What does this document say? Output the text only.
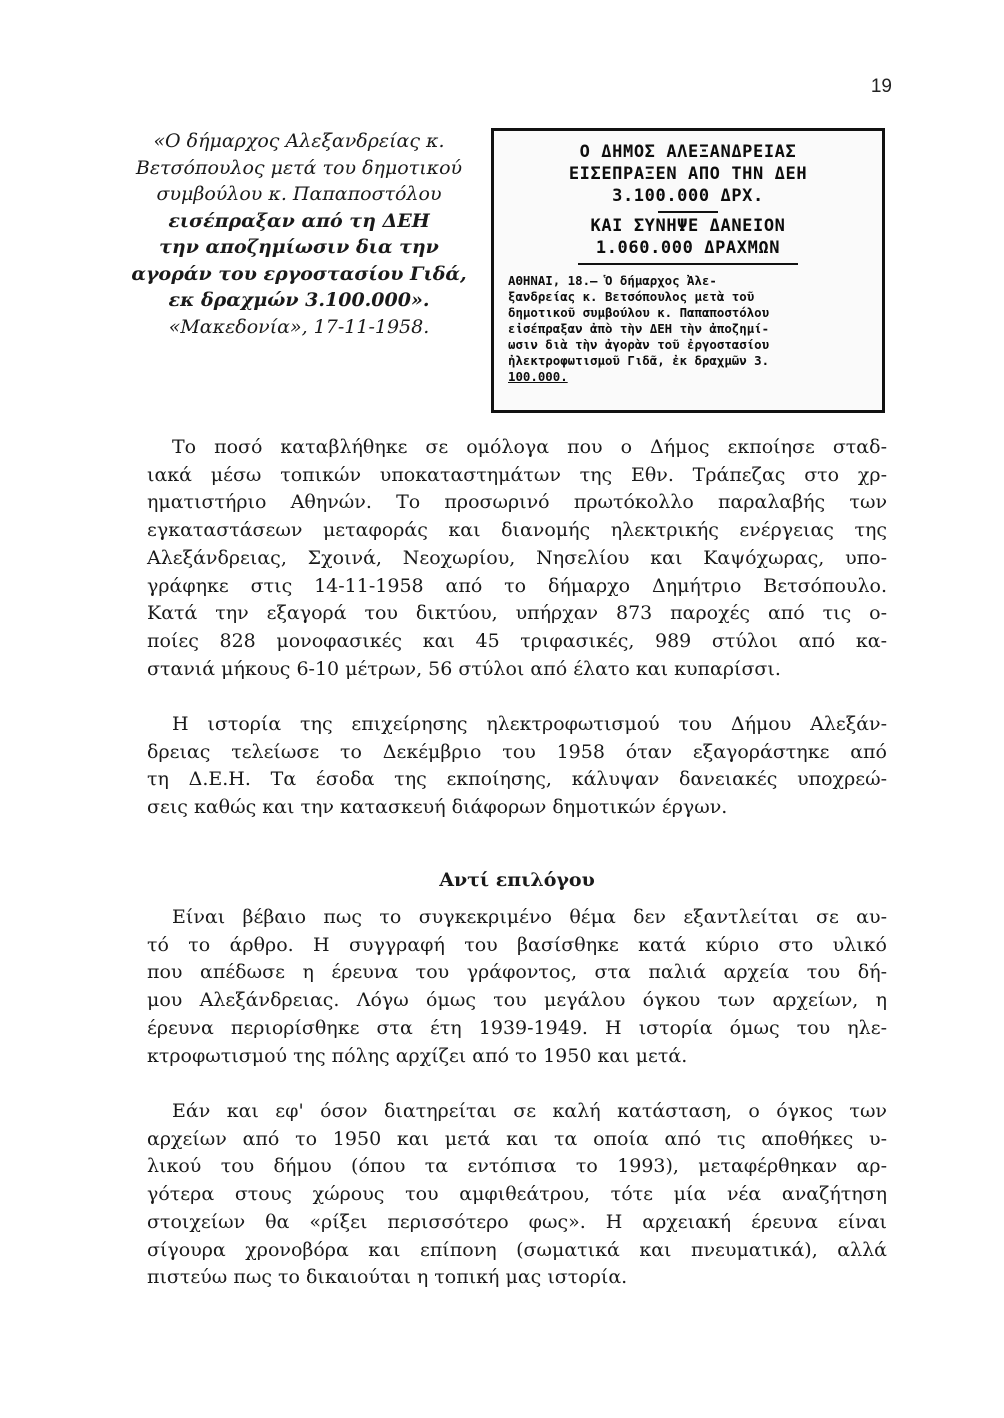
19
«Ο δήμαρχος Αλεξανδρείας κ.
Βετσόπουλος μετά του δημοτικού
συμβούλου κ. Παπαποστόλου
εισέπραξαν από τη ΔΕΗ
την αποζημίωσιν δια την
αγοράν του εργοστασίου Γιδά,
εκ δραχμών 3.100.000».
«Μακεδονία», 17-11-1958.
Ο ΔΗΜΟΣ ΑΛΕΞΑΝΔΡΕΙΑΣ
ΕΙΣΕΠΡΑΞΕΝ ΑΠΟ ΤΗΝ ΔΕΗ
3.100.000 ΔΡΧ.
ΚΑΙ ΣΥΝΗΨΕ ΔΑΝΕΙΟΝ
1.060.000 ΔΡΑΧΜΩΝ
ΑΘΗΝΑΙ, 18.— Ὁ δήμαρχος Ἀλε-
ξανδρείας κ. Βετσόπουλος μετὰ τοῦ
δημοτικοῦ συμβούλου κ. Παπαποστόλου
εἰσέπραξαν ἀπὸ τὴν ΔΕΗ τὴν ἀποζημί-
ωσιν διὰ τὴν ἀγορὰν τοῦ ἐργοστασίου
ἠλεκτροφωτισμοῦ Γιδᾶ, ἐκ δραχμῶν 3.
100.000.
Το ποσό καταβλήθηκε σε ομόλογα που ο Δήμος εκποίησε σταδ-
ιακά μέσω τοπικών υποκαταστημάτων της Εθν. Τράπεζας στο χρ-
ηματιστήριο Αθηνών. Το προσωρινό πρωτόκολλο παραλαβής των
εγκαταστάσεων μεταφοράς και διανομής ηλεκτρικής ενέργειας της
Αλεξάνδρειας, Σχοινά, Νεοχωρίου, Νησελίου και Καψόχωρας, υπο-
γράφηκε στις 14-11-1958 από το δήμαρχο Δημήτριο Βετσόπουλο.
Κατά την εξαγορά του δικτύου, υπήρχαν 873 παροχές από τις ο-
ποίες 828 μονοφασικές και 45 τριφασικές, 989 στύλοι από κα-
στανιά μήκους 6-10 μέτρων, 56 στύλοι από έλατο και κυπαρίσσι.
Η ιστορία της επιχείρησης ηλεκτροφωτισμού του Δήμου Αλεξάν-
δρειας τελείωσε το Δεκέμβριο του 1958 όταν εξαγοράστηκε από
τη Δ.Ε.Η. Τα έσοδα της εκποίησης, κάλυψαν δανειακές υποχρεώ-
σεις καθώς και την κατασκευή διάφορων δημοτικών έργων.
Αντί επιλόγου
Είναι βέβαιο πως το συγκεκριμένο θέμα δεν εξαντλείται σε αυ-
τό το άρθρο. Η συγγραφή του βασίσθηκε κατά κύριο στο υλικό
που απέδωσε η έρευνα του γράφοντος, στα παλιά αρχεία του δή-
μου Αλεξάνδρειας. Λόγω όμως του μεγάλου όγκου των αρχείων, η
έρευνα περιορίσθηκε στα έτη 1939-1949. Η ιστορία όμως του ηλε-
κτροφωτισμού της πόλης αρχίζει από το 1950 και μετά.
Εάν και εφ' όσον διατηρείται σε καλή κατάσταση, ο όγκος των
αρχείων από το 1950 και μετά και τα οποία από τις αποθήκες υ-
λικού του δήμου (όπου τα εντόπισα το 1993), μεταφέρθηκαν αρ-
γότερα στους χώρους του αμφιθεάτρου, τότε μία νέα αναζήτηση
στοιχείων θα «ρίξει περισσότερο φως». Η αρχειακή έρευνα είναι
σίγουρα χρονοβόρα και επίπονη (σωματικά και πνευματικά), αλλά
πιστεύω πως το δικαιούται η τοπική μας ιστορία.
